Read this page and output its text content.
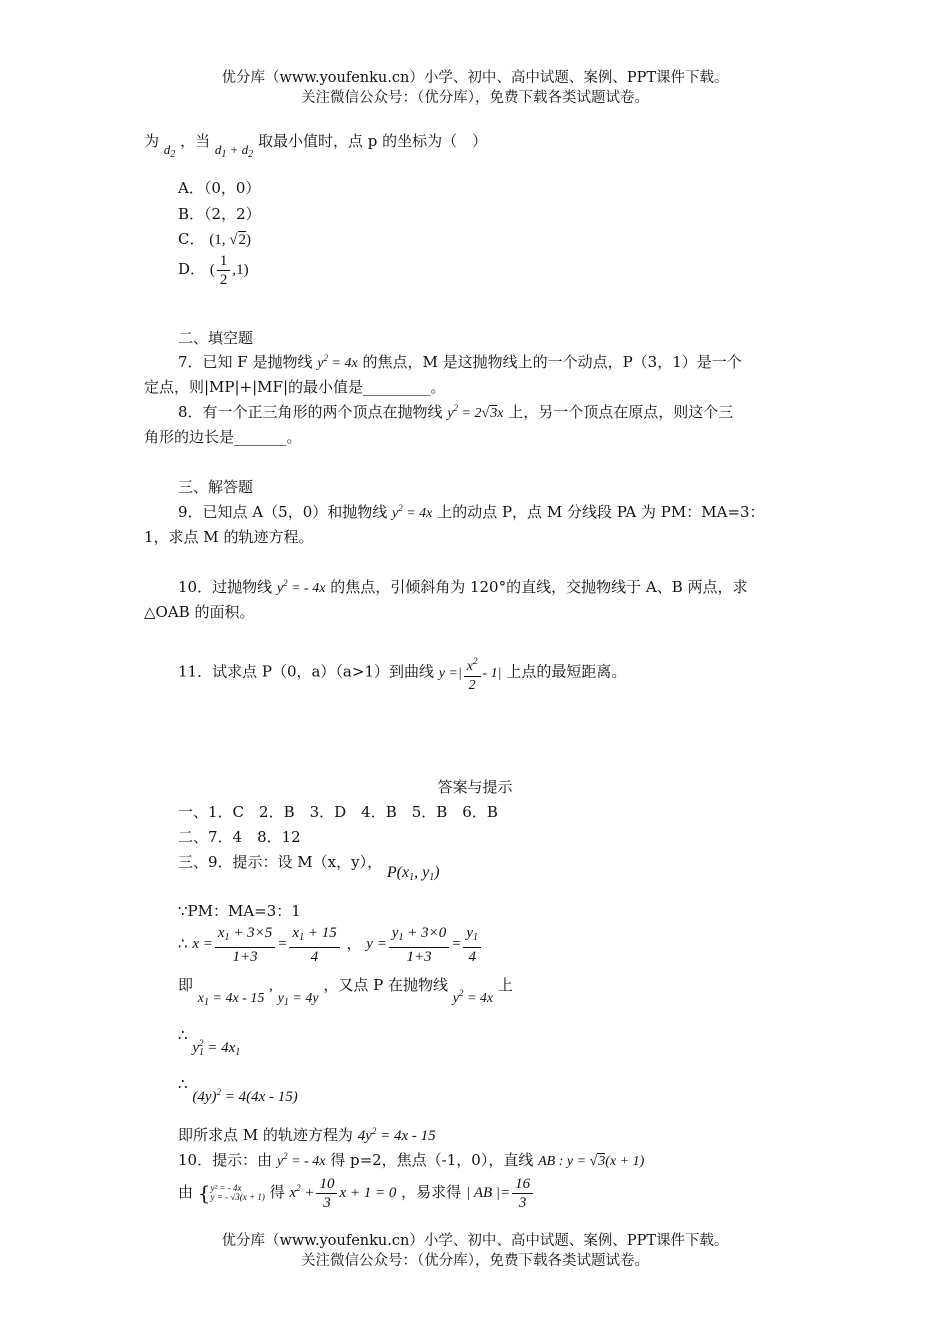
优分库（www.youfenku.cn）小学、初中、高中试题、案例、PPT课件下载。
关注微信公众号：（优分库），免费下载各类试题试卷。
为 $d_2$ ，当 $d_1 + d_2$ 取最小值时，点 p 的坐标为（　）
A．（0，0）
B．（2，2）
C． (1, √2)
D． ( $\frac{1}{2} ,1$)
二、填空题
7．已知 F 是抛物线 $y^2 = 4x$ 的焦点，M 是这抛物线上的一个动点，P（3，1）是一个
定点，则|MP|+|MF|的最小值是_________。
8．有一个正三角形的两个顶点在抛物线 $y^2 = 2√3x$ 上，另一个顶点在原点，则这个三
角形的边长是_______。
三、解答题
9．已知点 A（5，0）和抛物线 $y^2 = 4x$ 上的动点 P，点 M 分线段 PA 为 PM：MA=3：
1，求点 M 的轨迹方程。
10．过抛物线 $y^2$ = - 4x 的焦点，引倾斜角为 120°的直线，交抛物线于 A、B 两点，求
△OAB 的面积。
11．试求点 P（0，a）（a>1）到曲线 y =| $\frac{x^2}{2} - 1|$ 上点的最短距离。
答案与提示
一、1．C　2．B　3．D　4．B　5．B　6．B
二、7．4　8．12
三、9．提示：设 M（x，y）， $P(x_1$, $y_1$)
∵PM：MA=3：1
∴ $x = \frac{x_1 + 3\times 5}{1+3} = \frac{x_1 + 15}{4}$ ， $y = \frac{y_1 + 3\times 0}{1+3} = \frac{y_1}{4}$
即 $x_1 = 4x - 15$ , $y_1 = 4y$ ，又点 P 在抛物线 $y^2 = 4x$ 上
∴ $y_1^2 = 4x_1$
∴ $(4y)^2 = 4(4x - 15)$
即所求点 M 的轨迹方程为 $4y^2 = 4x - 15$
10．提示：由 $y^2$ = - 4x 得 p=2，焦点（-1，0），直线 AB : y = √3(x + 1)
由 { y² = - 4x
y = - √3(x + 1) 得 $x^2 + \frac{10}{3}$ x + 1 = 0 ，易求得 | AB |= $\frac{16}{3}$
优分库（www.youfenku.cn）小学、初中、高中试题、案例、PPT课件下载。
关注微信公众号：（优分库），免费下载各类试题试卷。
